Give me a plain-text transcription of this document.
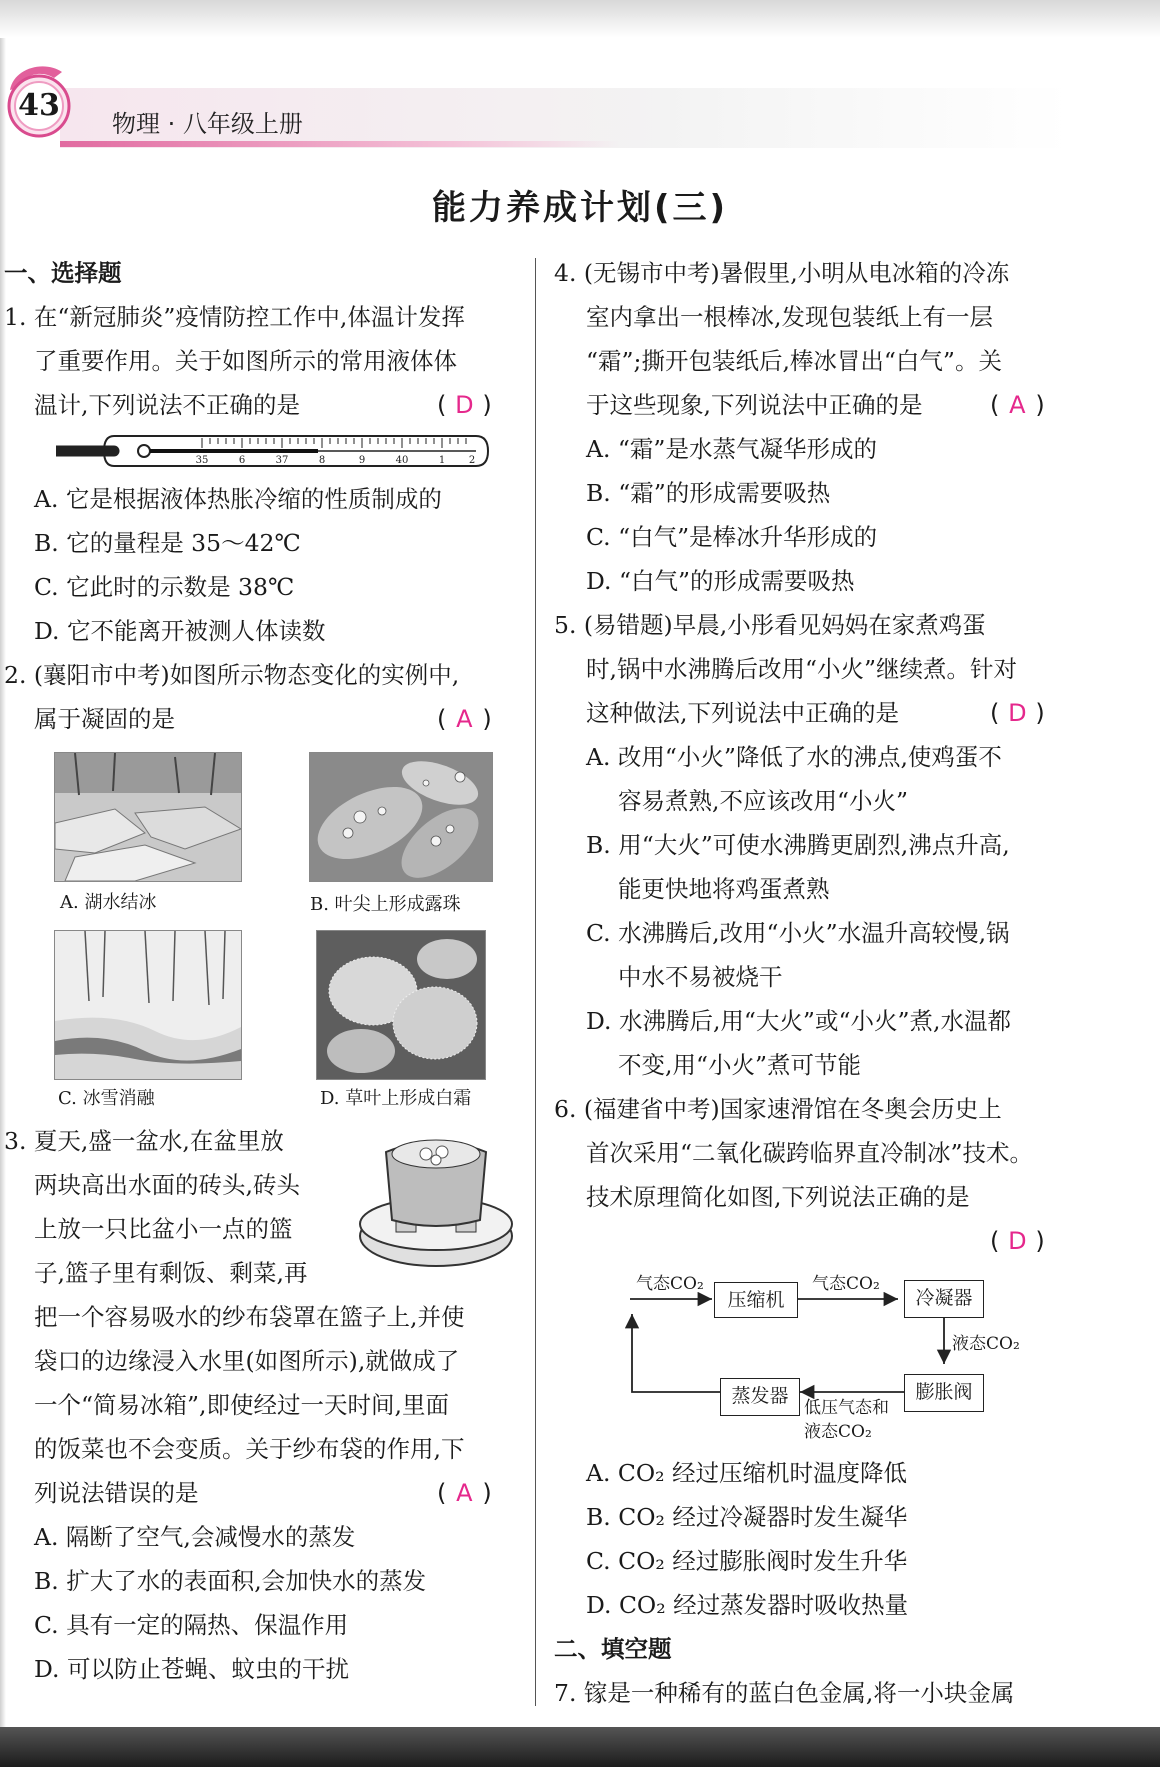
43
物理 · 八年级上册
能力养成计划(三)
一、选择题
1. 在“新冠肺炎”疫情防控工作中,体温计发挥
了重要作用。关于如图所示的常用液体体
温计,下列说法不正确的是	( D )
35	6	37	8	9	40	1 2
A. 它是根据液体热胀冷缩的性质制成的
B. 它的量程是 35～42℃
C. 它此时的示数是 38℃
D. 它不能离开被测人体读数
2. (襄阳市中考)如图所示物态变化的实例中,
属于凝固的是	( A )
A. 湖水结冰	B. 叶尖上形成露珠
C. 冰雪消融	D. 草叶上形成白霜
3. 夏天,盛一盆水,在盆里放
两块高出水面的砖头,砖头
上放一只比盆小一点的篮
子,篮子里有剩饭、剩菜,再
把一个容易吸水的纱布袋罩在篮子上,并使
袋口的边缘浸入水里(如图所示),就做成了
一个“简易冰箱”,即使经过一天时间,里面
的饭菜也不会变质。关于纱布袋的作用,下
列说法错误的是	( A )
A. 隔断了空气,会减慢水的蒸发
B. 扩大了水的表面积,会加快水的蒸发
C. 具有一定的隔热、保温作用
D. 可以防止苍蝇、蚊虫的干扰
4. (无锡市中考)暑假里,小明从电冰箱的冷冻
室内拿出一根棒冰,发现包装纸上有一层
“霜”;撕开包装纸后,棒冰冒出“白气”。关
于这些现象,下列说法中正确的是	( A )
A. “霜”是水蒸气凝华形成的
B. “霜”的形成需要吸热
C. “白气”是棒冰升华形成的
D. “白气”的形成需要吸热
5. (易错题)早晨,小彤看见妈妈在家煮鸡蛋
时,锅中水沸腾后改用“小火”继续煮。针对
这种做法,下列说法中正确的是	( D )
A. 改用“小火”降低了水的沸点,使鸡蛋不
容易煮熟,不应该改用“小火”
B. 用“大火”可使水沸腾更剧烈,沸点升高,
能更快地将鸡蛋煮熟
C. 水沸腾后,改用“小火”水温升高较慢,锅
中水不易被烧干
D. 水沸腾后,用“大火”或“小火”煮,水温都
不变,用“小火”煮可节能
6. (福建省中考)国家速滑馆在冬奥会历史上
首次采用“二氧化碳跨临界直冷制冰”技术。
技术原理简化如图,下列说法正确的是
( D )
压缩机	冷凝器
膨胀阀
蒸发器
气态CO₂	气态CO₂
液态CO₂
低压气态和
液态CO₂
A. CO₂ 经过压缩机时温度降低
B. CO₂ 经过冷凝器时发生凝华
C. CO₂ 经过膨胀阀时发生升华
D. CO₂ 经过蒸发器时吸收热量
二、填空题
7. 镓是一种稀有的蓝白色金属,将一小块金属
